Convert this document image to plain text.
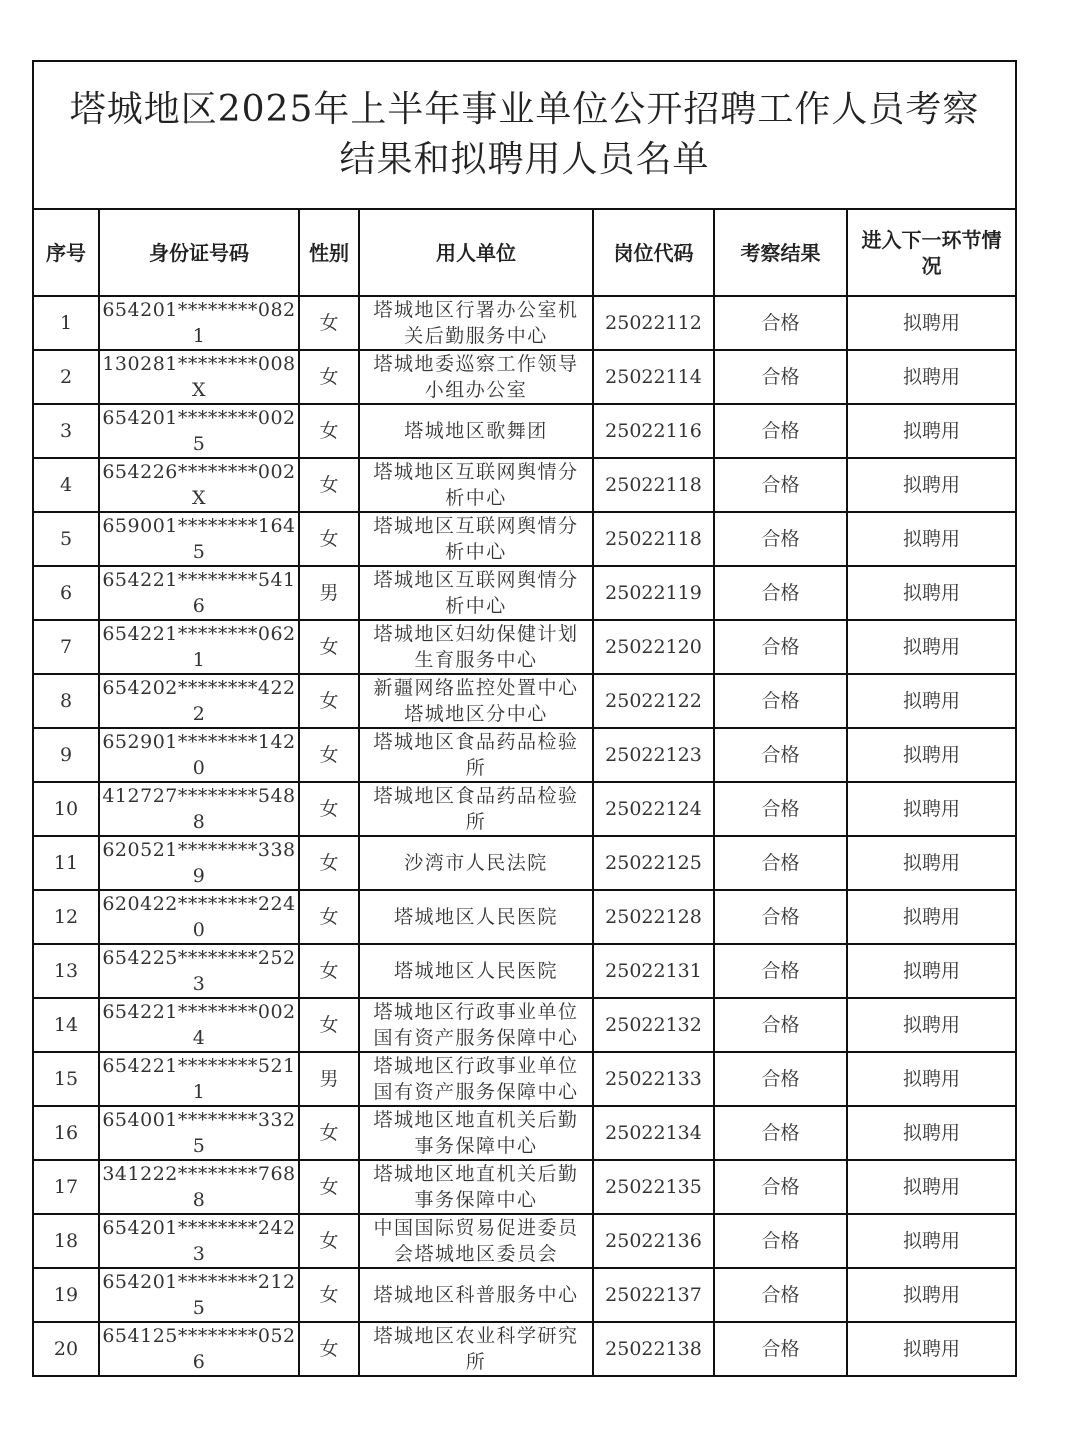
塔城地区2025年上半年事业单位公开招聘工作人员考察
结果和拟聘用人员名单						

序号	身份证号码	性别	用人单位	岗位代码	考察结果	进入下一环节情况

1	654201********082
1	女	塔城地区行署办公室机
关后勤服务中心	25022112	合格	拟聘用

2	130281********008
X	女	塔城地委巡察工作领导
小组办公室	25022114	合格	拟聘用

3	654201********002
5	女	塔城地区歌舞团	25022116	合格	拟聘用

4	654226********002
X	女	塔城地区互联网舆情分
析中心	25022118	合格	拟聘用

5	659001********164
5	女	塔城地区互联网舆情分
析中心	25022118	合格	拟聘用

6	654221********541
6	男	塔城地区互联网舆情分
析中心	25022119	合格	拟聘用

7	654221********062
1	女	塔城地区妇幼保健计划
生育服务中心	25022120	合格	拟聘用

8	654202********422
2	女	新疆网络监控处置中心
塔城地区分中心	25022122	合格	拟聘用

9	652901********142
0	女	塔城地区食品药品检验
所	25022123	合格	拟聘用

10	412727********548
8	女	塔城地区食品药品检验
所	25022124	合格	拟聘用

11	620521********338
9	女	沙湾市人民法院	25022125	合格	拟聘用

12	620422********224
0	女	塔城地区人民医院	25022128	合格	拟聘用

13	654225********252
3	女	塔城地区人民医院	25022131	合格	拟聘用

14	654221********002
4	女	塔城地区行政事业单位
国有资产服务保障中心	25022132	合格	拟聘用

15	654221********521
1	男	塔城地区行政事业单位
国有资产服务保障中心	25022133	合格	拟聘用

16	654001********332
5	女	塔城地区地直机关后勤
事务保障中心	25022134	合格	拟聘用

17	341222********768
8	女	塔城地区地直机关后勤
事务保障中心	25022135	合格	拟聘用

18	654201********242
3	女	中国国际贸易促进委员
会塔城地区委员会	25022136	合格	拟聘用

19	654201********212
5	女	塔城地区科普服务中心	25022137	合格	拟聘用

20	654125********052
6	女	塔城地区农业科学研究
所	25022138	合格	拟聘用
